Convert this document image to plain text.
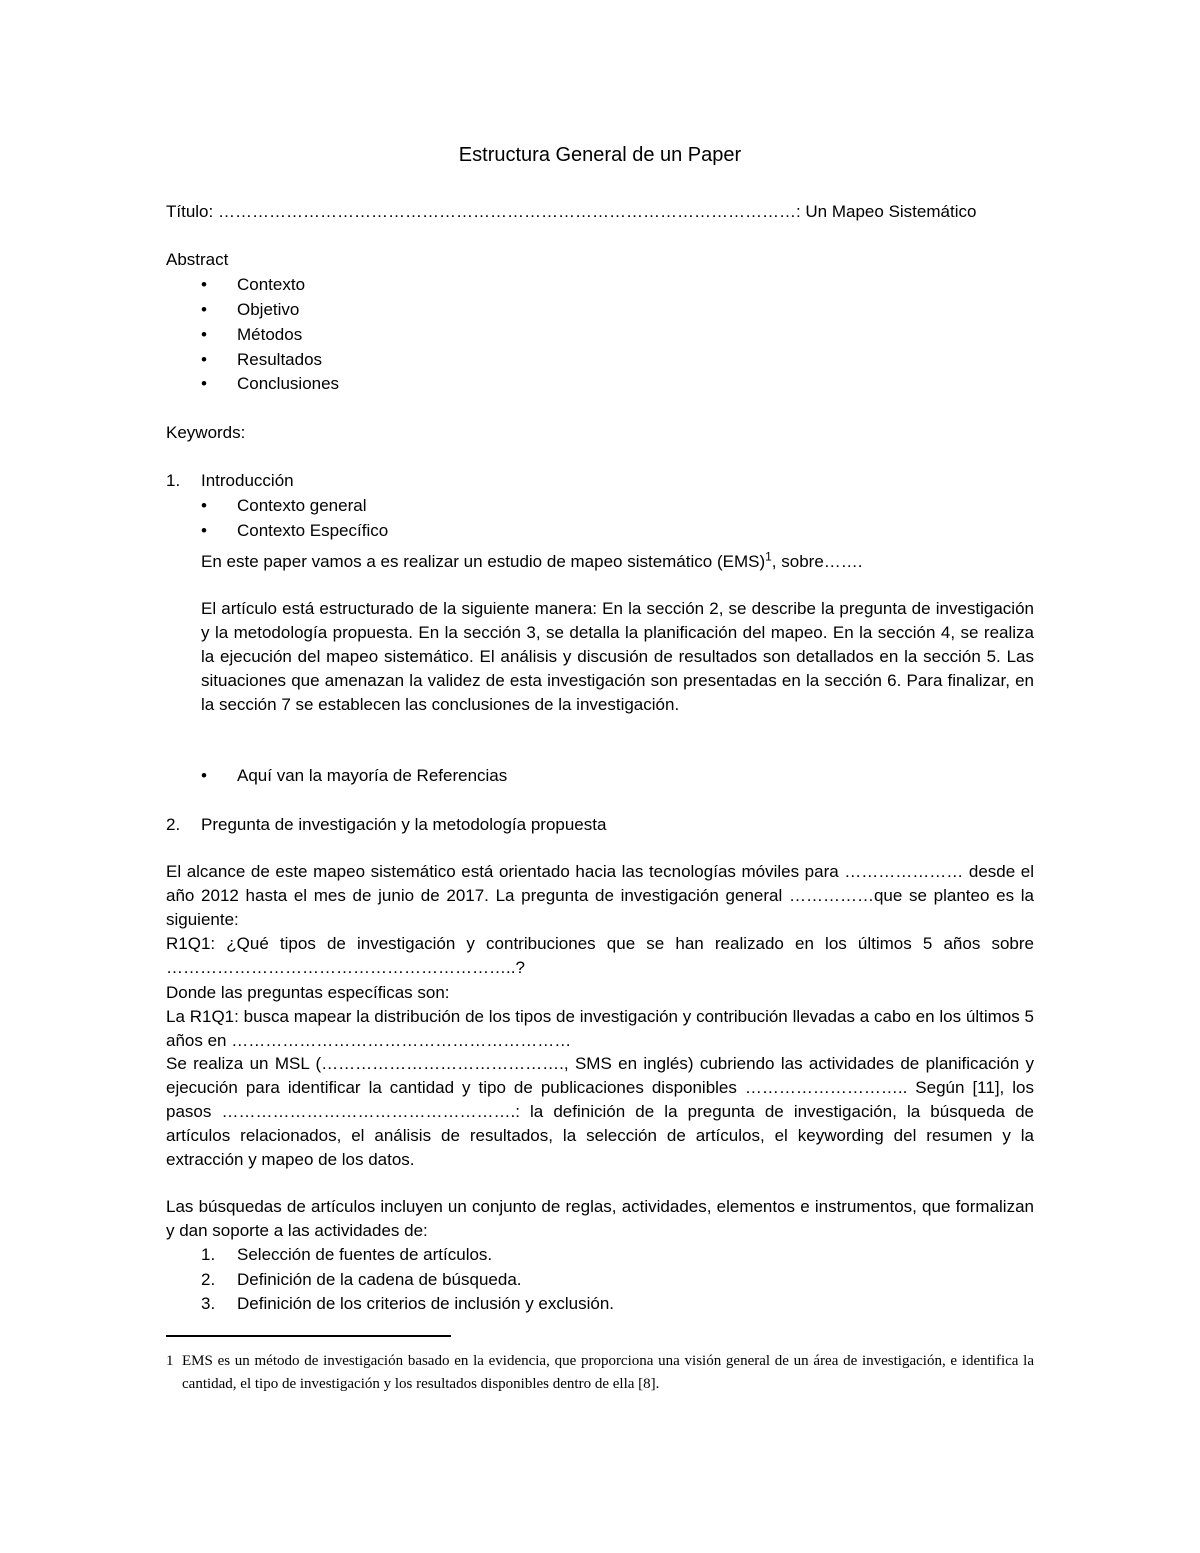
Estructura General de un Paper
Título: …………………………………………………………………………………………: Un Mapeo Sistemático
Abstract
Contexto
Objetivo
Métodos
Resultados
Conclusiones
Keywords:
1. Introducción
Contexto general
Contexto Específico
En este paper vamos a es realizar un estudio de mapeo sistemático (EMS)$^1$, sobre…….
El artículo está estructurado de la siguiente manera: En la sección 2, se describe la pregunta de investigación y la metodología propuesta. En la sección 3, se detalla la planificación del mapeo. En la sección 4, se realiza la ejecución del mapeo sistemático. El análisis y discusión de resultados son detallados en la sección 5. Las situaciones que amenazan la validez de esta investigación son presentadas en la sección 6. Para finalizar, en la sección 7 se establecen las conclusiones de la investigación.
Aquí van la mayoría de Referencias
2. Pregunta de investigación y la metodología propuesta
El alcance de este mapeo sistemático está orientado hacia las tecnologías móviles para ………………… desde el año 2012 hasta el mes de junio de 2017. La pregunta de investigación general ……………que se planteo es la siguiente:
R1Q1: ¿Qué tipos de investigación y contribuciones que se han realizado en los últimos 5 años sobre ……………………………………………………..?
Donde las preguntas específicas son:
La R1Q1: busca mapear la distribución de los tipos de investigación y contribución llevadas a cabo en los últimos 5 años en ……………………………………………………
Se realiza un MSL (……………………………………., SMS en inglés) cubriendo las actividades de planificación y ejecución para identificar la cantidad y tipo de publicaciones disponibles ……………………….. Según [11], los pasos …………………………………………….: la definición de la pregunta de investigación, la búsqueda de artículos relacionados, el análisis de resultados, la selección de artículos, el keywording del resumen y la extracción y mapeo de los datos.
Las búsquedas de artículos incluyen un conjunto de reglas, actividades, elementos e instrumentos, que formalizan y dan soporte a las actividades de:
1. Selección de fuentes de artículos.
2. Definición de la cadena de búsqueda.
3. Definición de los criterios de inclusión y exclusión.
1 EMS es un método de investigación basado en la evidencia, que proporciona una visión general de un área de investigación, e identifica la cantidad, el tipo de investigación y los resultados disponibles dentro de ella [8].
